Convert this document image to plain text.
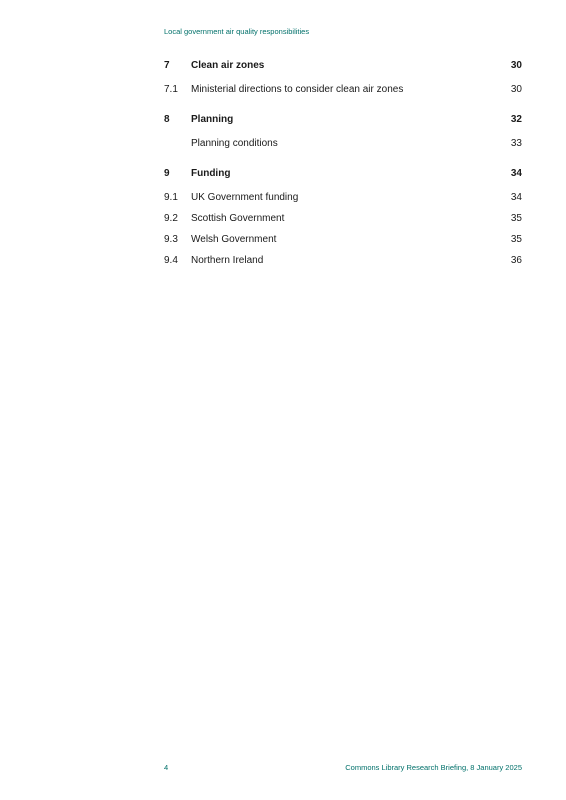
Local government air quality responsibilities
7 Clean air zones	30
7.1 Ministerial directions to consider clean air zones	30
8 Planning	32
Planning conditions	33
9 Funding	34
9.1 UK Government funding	34
9.2 Scottish Government	35
9.3 Welsh Government	35
9.4 Northern Ireland	36
4	Commons Library Research Briefing, 8 January 2025
